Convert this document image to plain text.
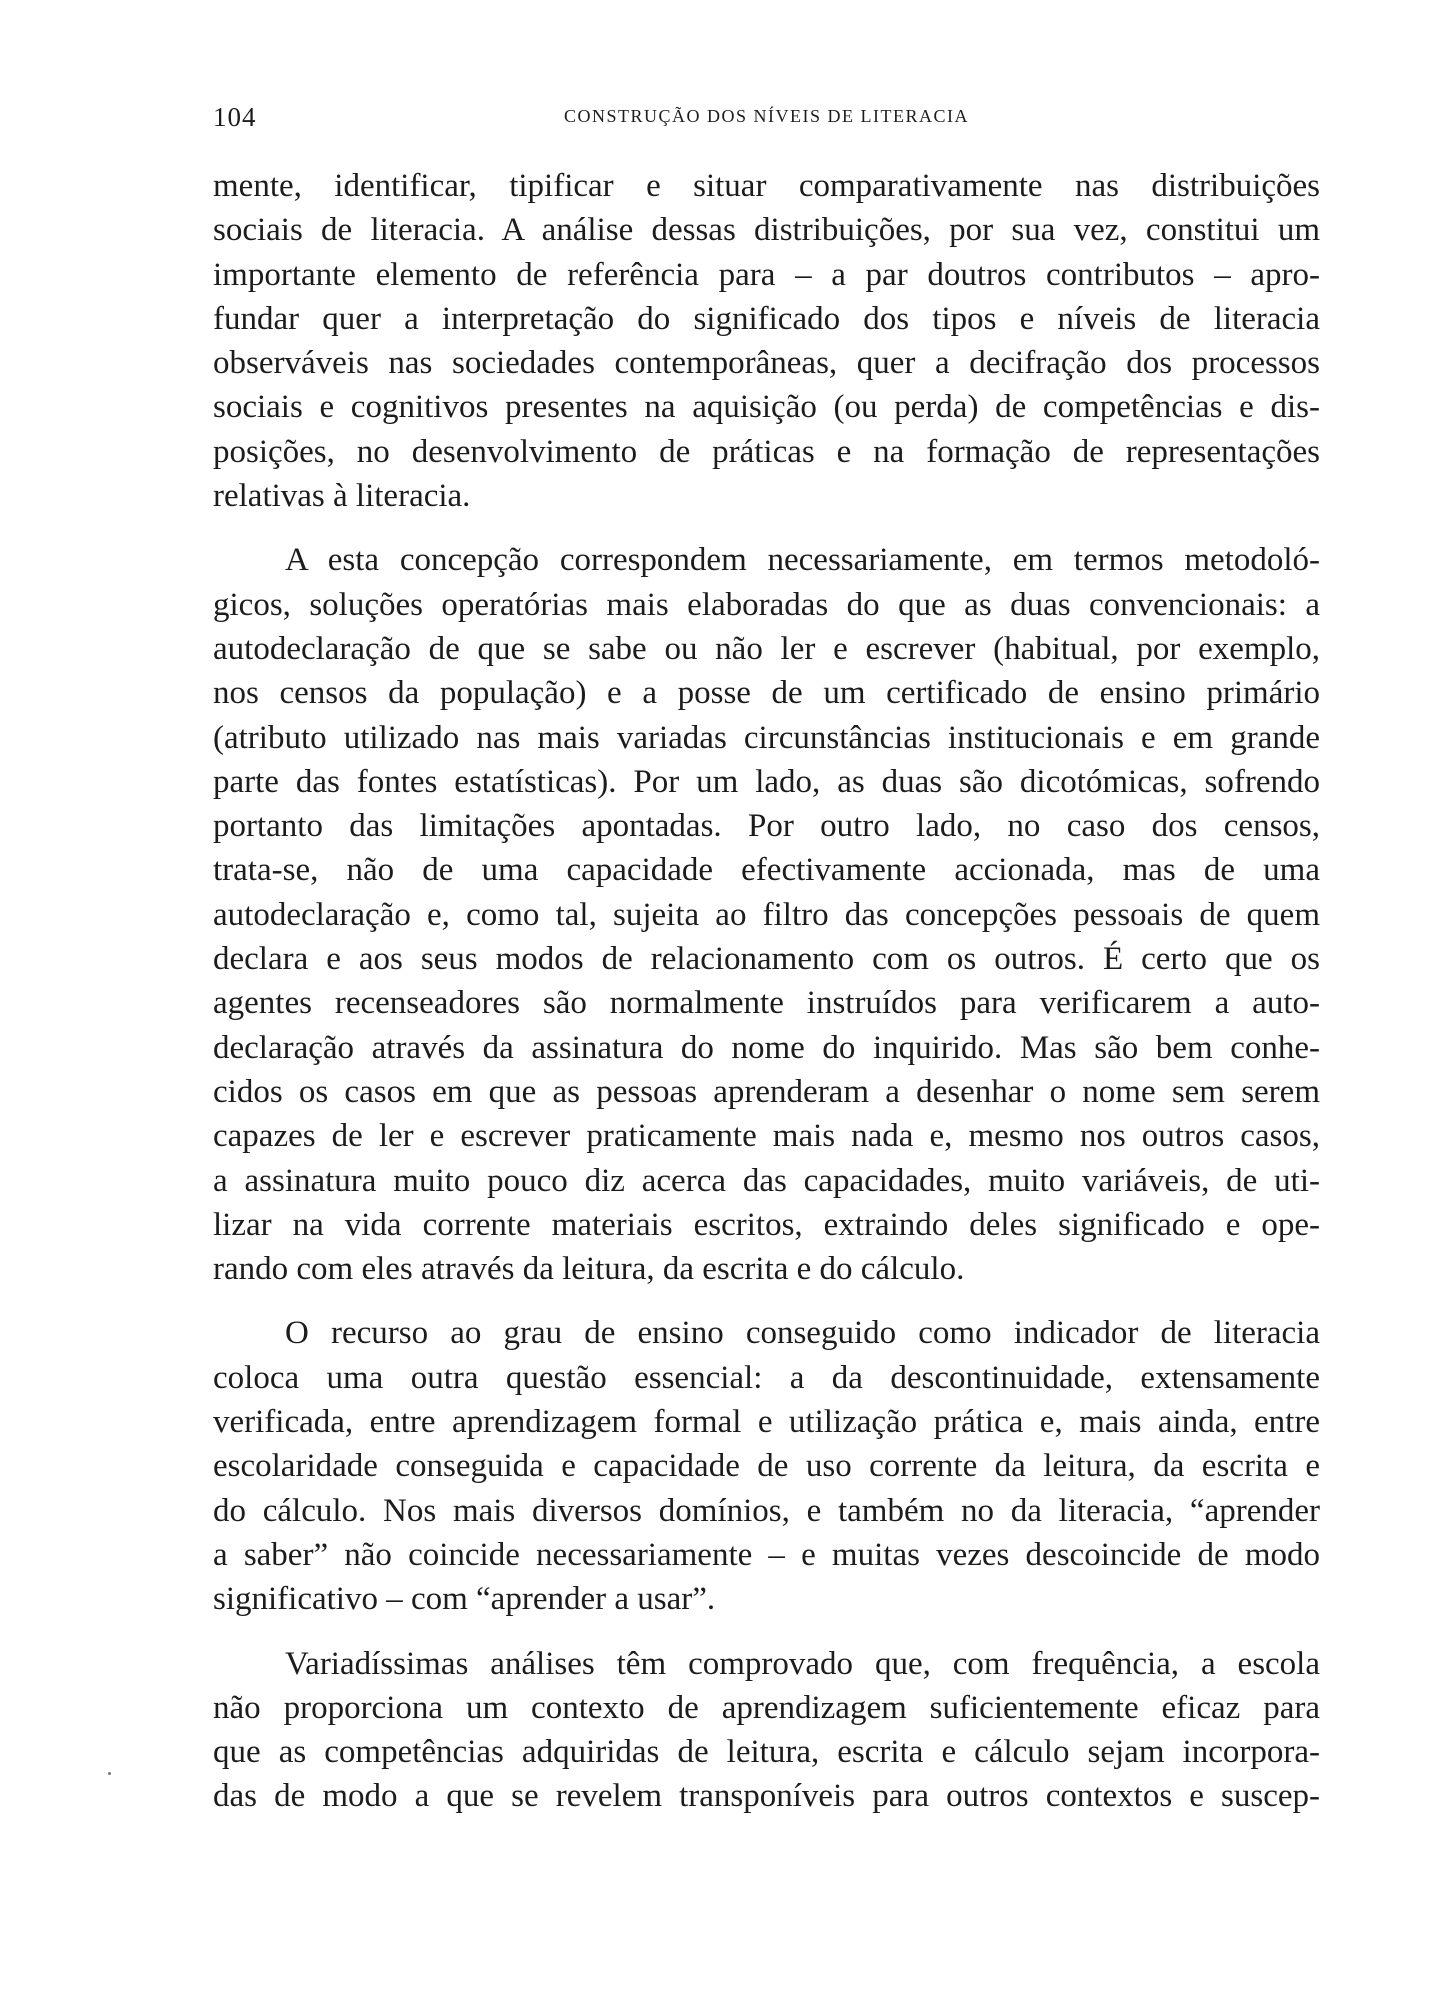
104	CONSTRUÇÃO DOS NÍVEIS DE LITERACIA

mente, identificar, tipificar e situar comparativamente nas distribuições
sociais de literacia. A análise dessas distribuições, por sua vez, constitui um
importante elemento de referência para – a par doutros contributos – apro-
fundar quer a interpretação do significado dos tipos e níveis de literacia
observáveis nas sociedades contemporâneas, quer a decifração dos processos
sociais e cognitivos presentes na aquisição (ou perda) de competências e dis-
posições, no desenvolvimento de práticas e na formação de representações
relativas à literacia.

A esta concepção correspondem necessariamente, em termos metodoló-
gicos, soluções operatórias mais elaboradas do que as duas convencionais: a
autodeclaração de que se sabe ou não ler e escrever (habitual, por exemplo,
nos censos da população) e a posse de um certificado de ensino primário
(atributo utilizado nas mais variadas circunstâncias institucionais e em grande
parte das fontes estatísticas). Por um lado, as duas são dicotómicas, sofrendo
portanto das limitações apontadas. Por outro lado, no caso dos censos,
trata-se, não de uma capacidade efectivamente accionada, mas de uma
autodeclaração e, como tal, sujeita ao filtro das concepções pessoais de quem
declara e aos seus modos de relacionamento com os outros. É certo que os
agentes recenseadores são normalmente instruídos para verificarem a auto-
declaração através da assinatura do nome do inquirido. Mas são bem conhe-
cidos os casos em que as pessoas aprenderam a desenhar o nome sem serem
capazes de ler e escrever praticamente mais nada e, mesmo nos outros casos,
a assinatura muito pouco diz acerca das capacidades, muito variáveis, de uti-
lizar na vida corrente materiais escritos, extraindo deles significado e ope-
rando com eles através da leitura, da escrita e do cálculo.

O recurso ao grau de ensino conseguido como indicador de literacia
coloca uma outra questão essencial: a da descontinuidade, extensamente
verificada, entre aprendizagem formal e utilização prática e, mais ainda, entre
escolaridade conseguida e capacidade de uso corrente da leitura, da escrita e
do cálculo. Nos mais diversos domínios, e também no da literacia, “aprender
a saber” não coincide necessariamente – e muitas vezes descoincide de modo
significativo – com “aprender a usar”.

Variadíssimas análises têm comprovado que, com frequência, a escola
não proporciona um contexto de aprendizagem suficientemente eficaz para
que as competências adquiridas de leitura, escrita e cálculo sejam incorpora-
das de modo a que se revelem transponíveis para outros contextos e suscep-
